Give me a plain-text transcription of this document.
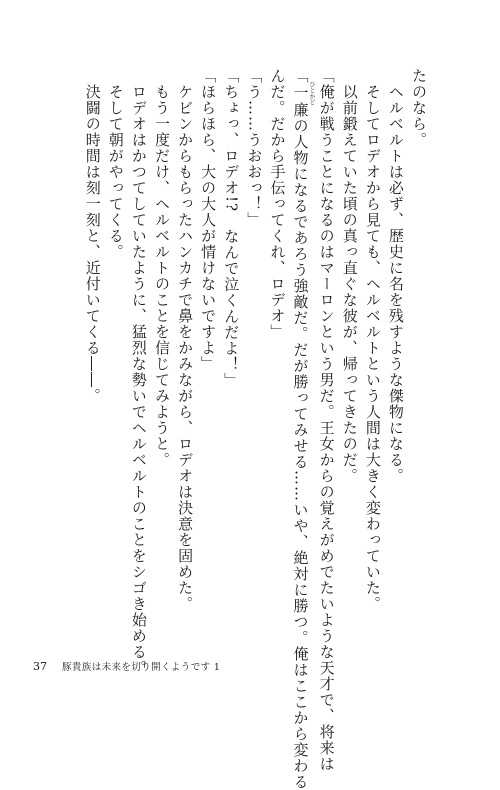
たのなら。

　ヘルベルトは必ず、歴史に名を残すような傑物になる。

　そしてロデオから見ても、ヘルベルトという人間は大きく変わっていた。

　以前鍛えていた頃の真っ直ぐな彼が、帰ってきたのだ。

「俺が戦うことになるのはマーロンという男だ。王女からの覚えがめでたいような天才で、将来は

「一ひとかど廉の人物になるであろう強敵だ。だが勝ってみせる……いや、絶対に勝つ。俺はここから変わる

んだ。だから手伝ってくれ、ロデオ」

「う……うおおっ！」

「ちょっ、ロデオ!?　なんで泣くんだよ！」

「ほらほら、大の大人が情けないですよ」

　ケビンからもらったハンカチで鼻をかみながら、ロデオは決意を固めた。

　もう一度だけ、ヘルベルトのことを信じてみようと。

　ロデオはかつてしていたように、猛烈な勢いでヘルベルトのことをシゴき始める。

　そして朝がやってくる。

　決闘の時間は刻一刻と、近付いてくる――。

37 豚貴族は未来を切り開くようです 1
